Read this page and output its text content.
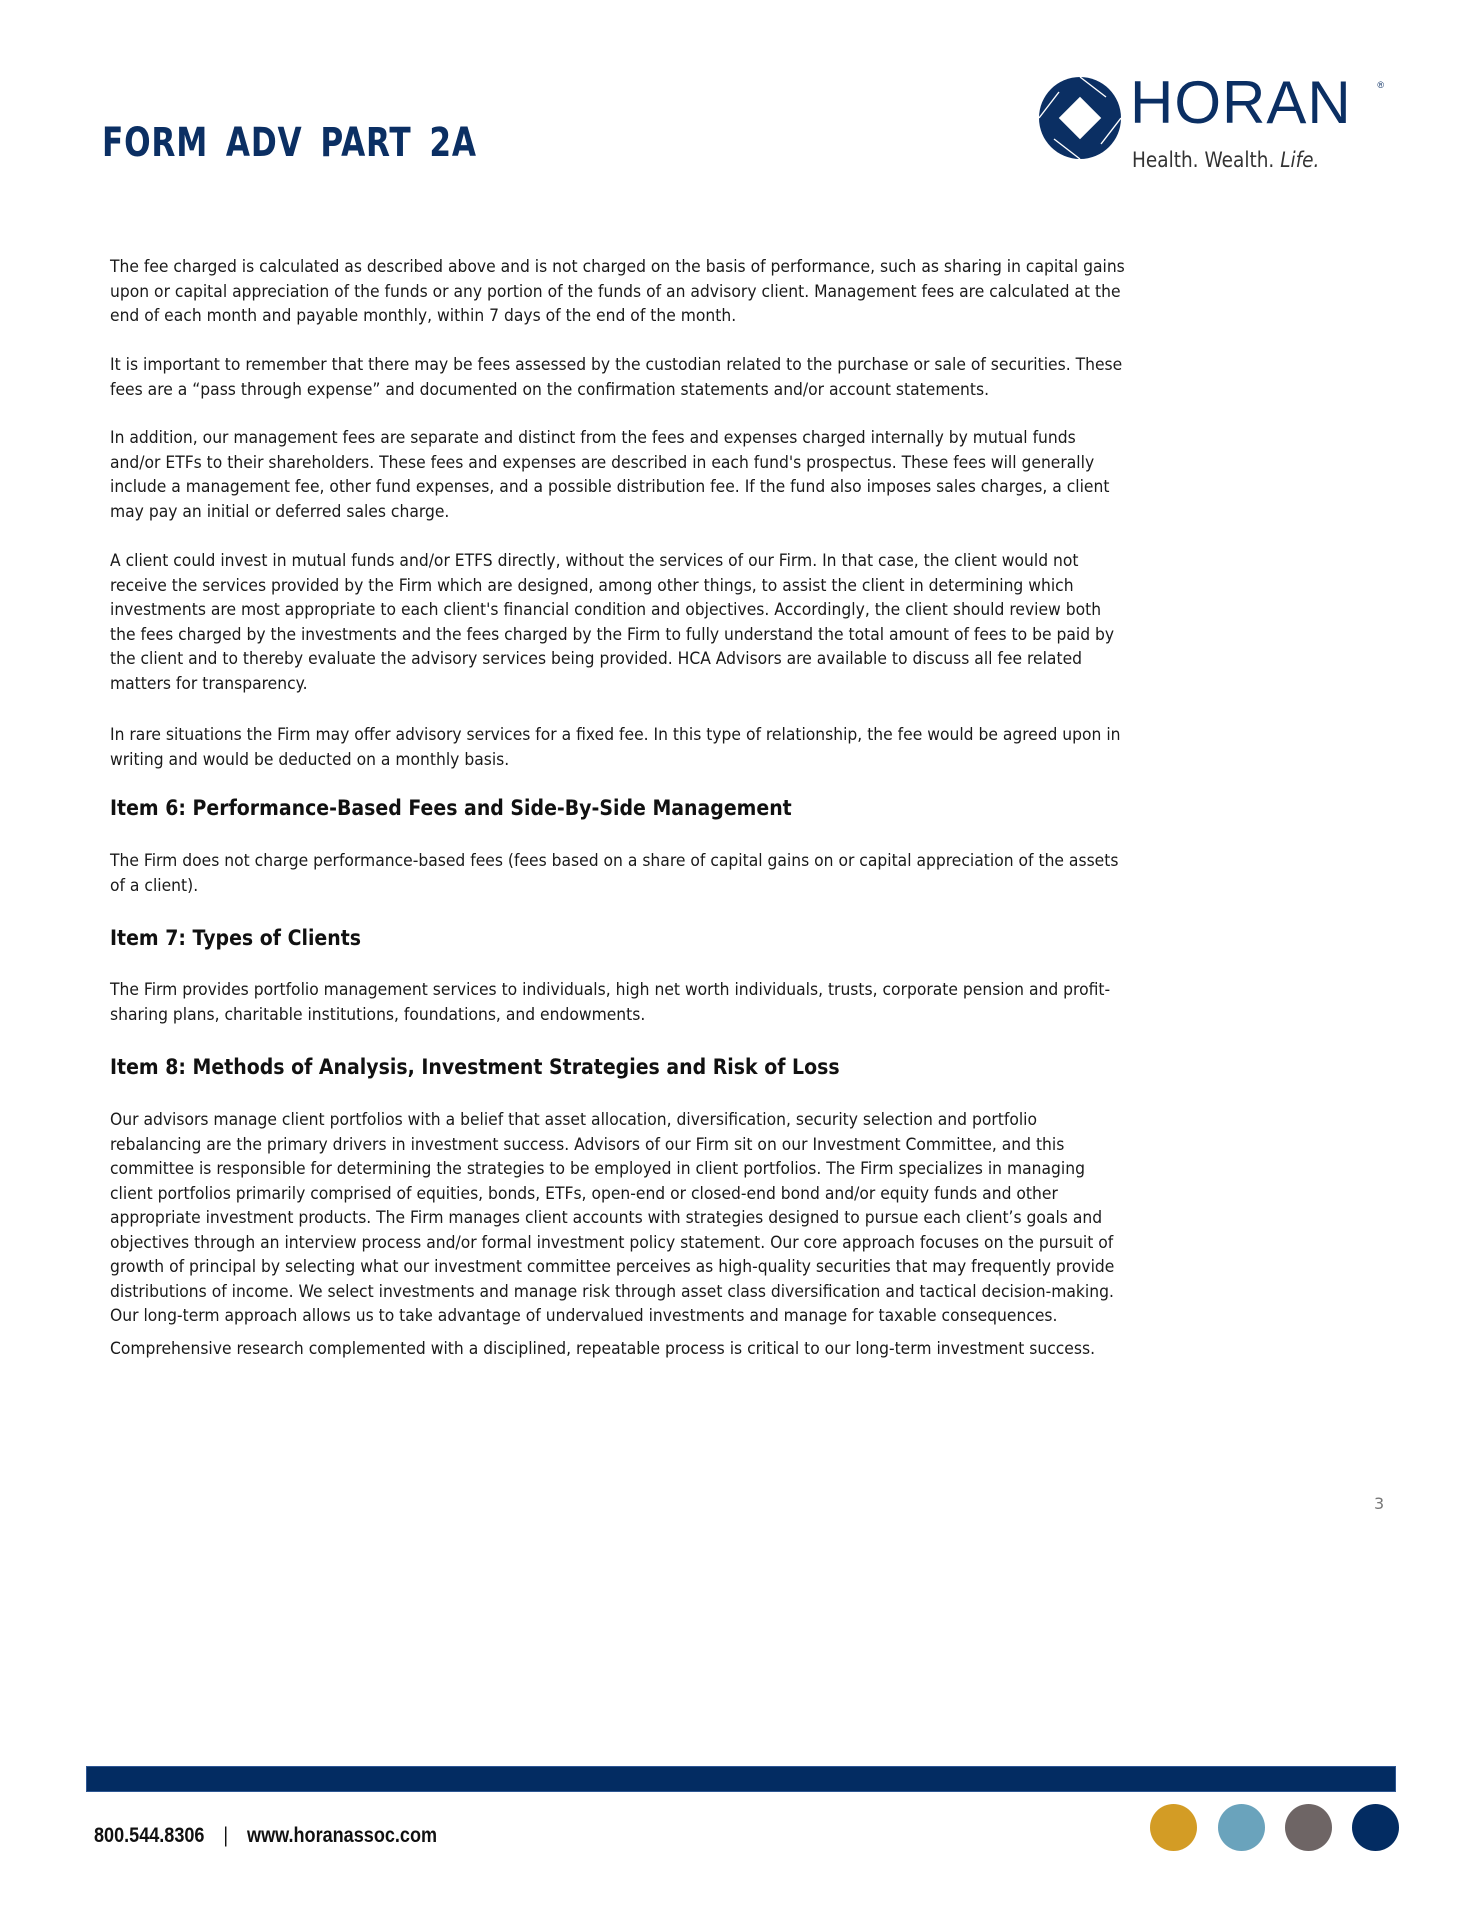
FORM ADV PART 2A
HORAN	®
Health. Wealth. Life.
The fee charged is calculated as described above and is not charged on the basis of performance, such as sharing in capital gains
upon or capital appreciation of the funds or any portion of the funds of an advisory client. Management fees are calculated at the
end of each month and payable monthly, within 7 days of the end of the month.
It is important to remember that there may be fees assessed by the custodian related to the purchase or sale of securities. These
fees are a “pass through expense” and documented on the confirmation statements and/or account statements.
In addition, our management fees are separate and distinct from the fees and expenses charged internally by mutual funds
and/or ETFs to their shareholders. These fees and expenses are described in each fund's prospectus. These fees will generally
include a management fee, other fund expenses, and a possible distribution fee. If the fund also imposes sales charges, a client
may pay an initial or deferred sales charge.
A client could invest in mutual funds and/or ETFS directly, without the services of our Firm. In that case, the client would not
receive the services provided by the Firm which are designed, among other things, to assist the client in determining which
investments are most appropriate to each client's financial condition and objectives. Accordingly, the client should review both
the fees charged by the investments and the fees charged by the Firm to fully understand the total amount of fees to be paid by
the client and to thereby evaluate the advisory services being provided. HCA Advisors are available to discuss all fee related
matters for transparency.
In rare situations the Firm may offer advisory services for a fixed fee. In this type of relationship, the fee would be agreed upon in
writing and would be deducted on a monthly basis.
Item 6: Performance-Based Fees and Side-By-Side Management
The Firm does not charge performance-based fees (fees based on a share of capital gains on or capital appreciation of the assets
of a client).
Item 7: Types of Clients
The Firm provides portfolio management services to individuals, high net worth individuals, trusts, corporate pension and profit-
sharing plans, charitable institutions, foundations, and endowments.
Item 8: Methods of Analysis, Investment Strategies and Risk of Loss
Our advisors manage client portfolios with a belief that asset allocation, diversification, security selection and portfolio
rebalancing are the primary drivers in investment success. Advisors of our Firm sit on our Investment Committee, and this
committee is responsible for determining the strategies to be employed in client portfolios. The Firm specializes in managing
client portfolios primarily comprised of equities, bonds, ETFs, open-end or closed-end bond and/or equity funds and other
appropriate investment products. The Firm manages client accounts with strategies designed to pursue each client’s goals and
objectives through an interview process and/or formal investment policy statement. Our core approach focuses on the pursuit of
growth of principal by selecting what our investment committee perceives as high-quality securities that may frequently provide
distributions of income. We select investments and manage risk through asset class diversification and tactical decision-making.
Our long-term approach allows us to take advantage of undervalued investments and manage for taxable consequences.
Comprehensive research complemented with a disciplined, repeatable process is critical to our long-term investment success.
3
800.544.8306 | www.horanassoc.com
